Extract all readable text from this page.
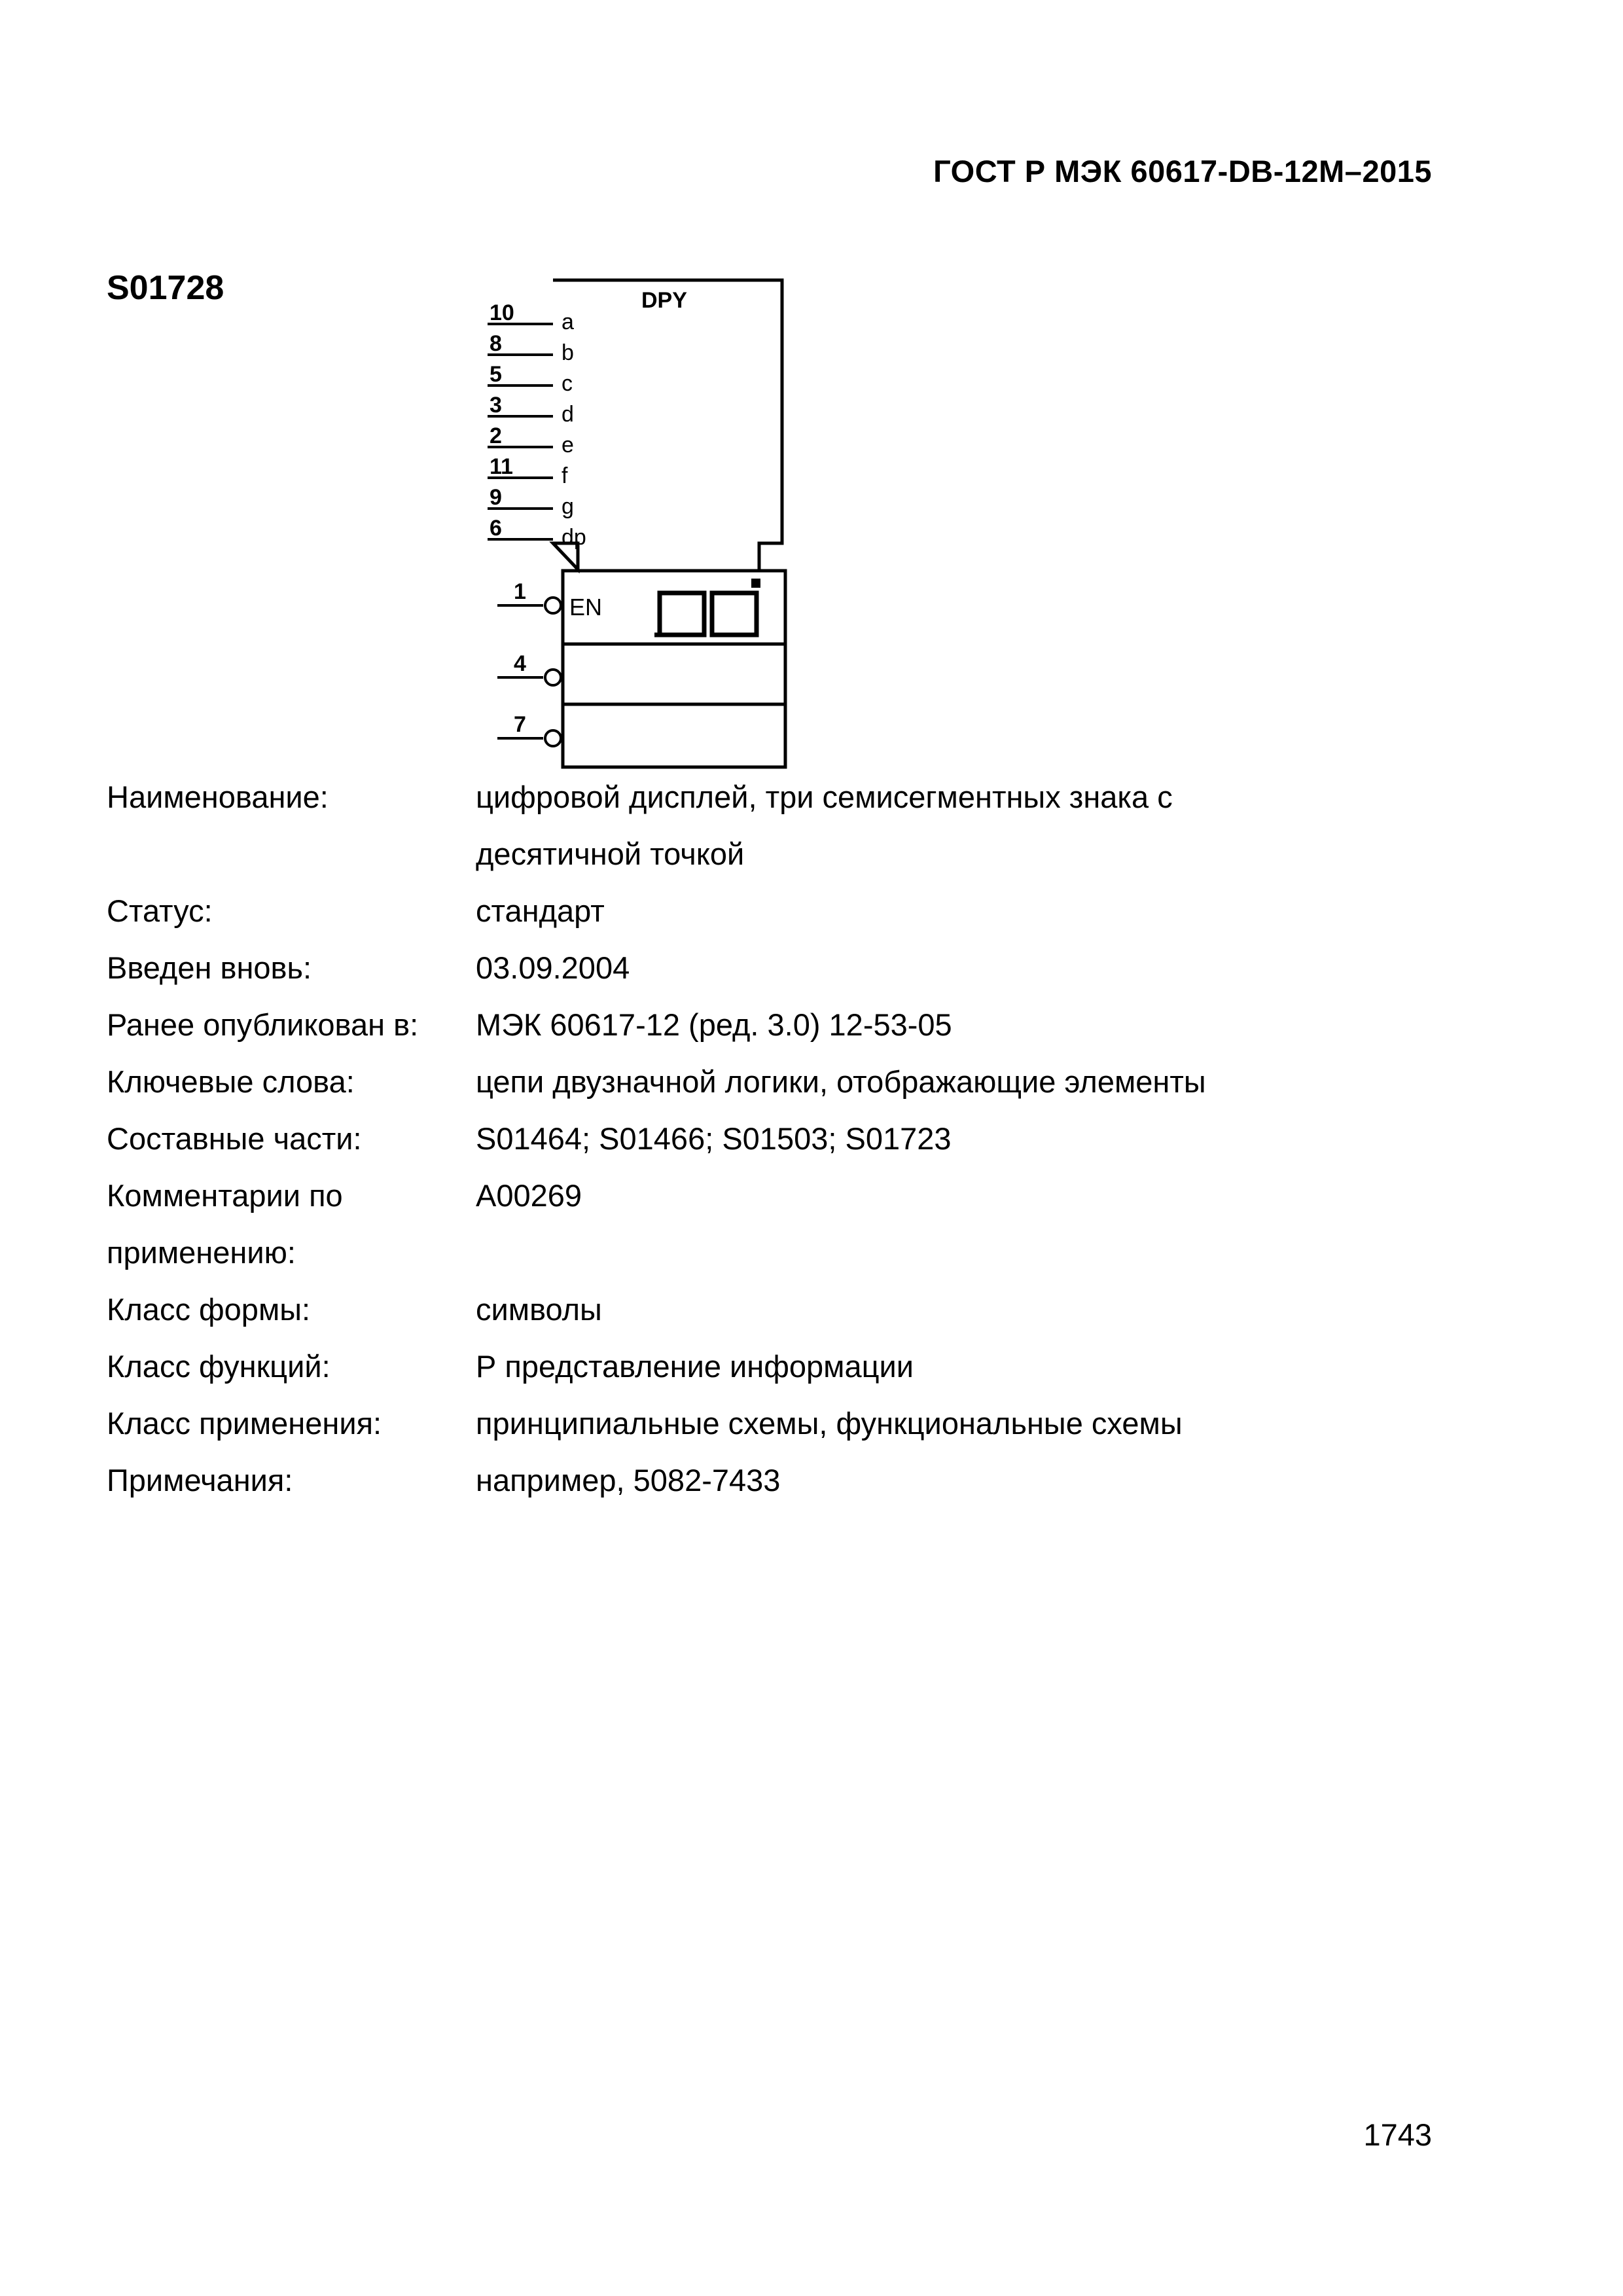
ГОСТ Р МЭК 60617-DB-12M–2015
S01728
10 a
8	b
5	c
3	d
2	e
11 f
9	g
6	dp
DPY
1
EN
4
7
Наименование:	цифровой дисплей, три семисегментных знака с десятичной точкой
Статус:	стандарт
Введен вновь:	03.09.2004
Ранее опубликован в:	МЭК 60617-12 (ред. 3.0) 12-53-05
Ключевые слова:	цепи двузначной логики, отображающие элементы
Составные части:	S01464; S01466; S01503; S01723
Комментарии по применению:
A00269
Класс формы:	символы
Класс функций:	Р представление информации
Класс применения:	принципиальные схемы, функциональные схемы
Примечания:	например, 5082-7433
1743
